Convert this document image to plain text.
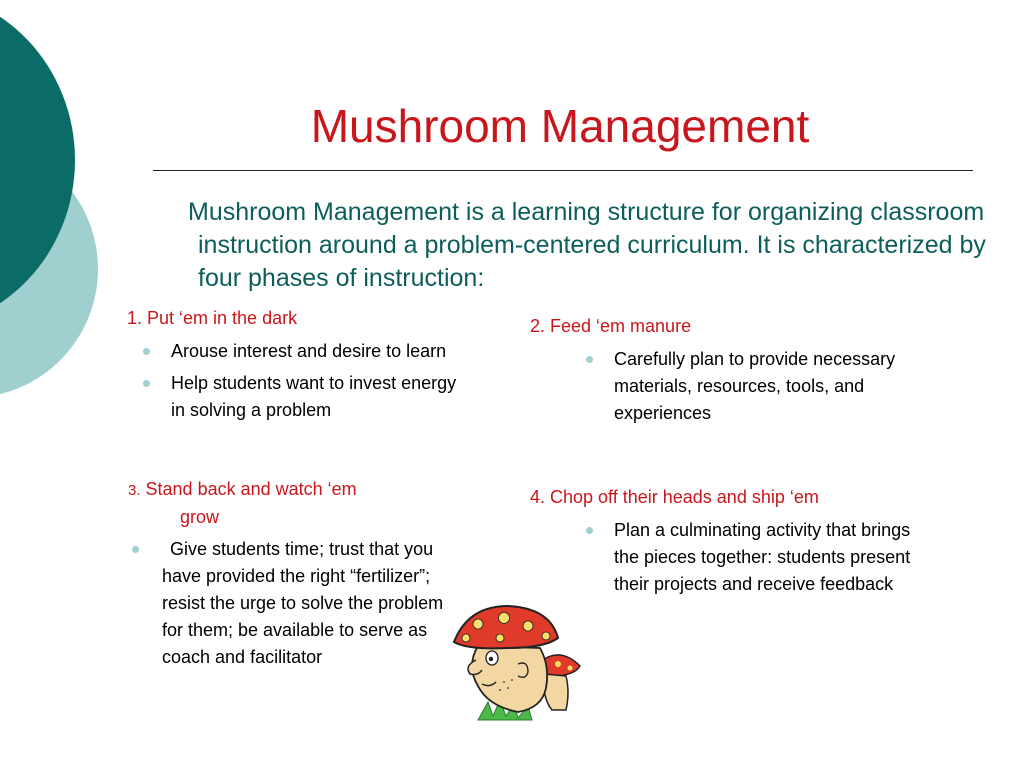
Mushroom Management
Mushroom Management is a learning structure for organizing classroom instruction around a problem-centered curriculum. It is characterized by four phases of instruction:
1. Put ‘em in the dark
Arouse interest and desire to learn
Help students want to invest energy in solving a problem
2. Feed ‘em manure
Carefully plan to provide necessary materials, resources, tools, and experiences
3. Stand back and watch ‘em
grow
Give students time; trust that you have provided the right “fertilizer”; resist the urge to solve the problem for them; be available to serve as coach and facilitator
4. Chop off their heads and ship ‘em
Plan a culminating activity that brings the pieces together: students present their projects and receive feedback
